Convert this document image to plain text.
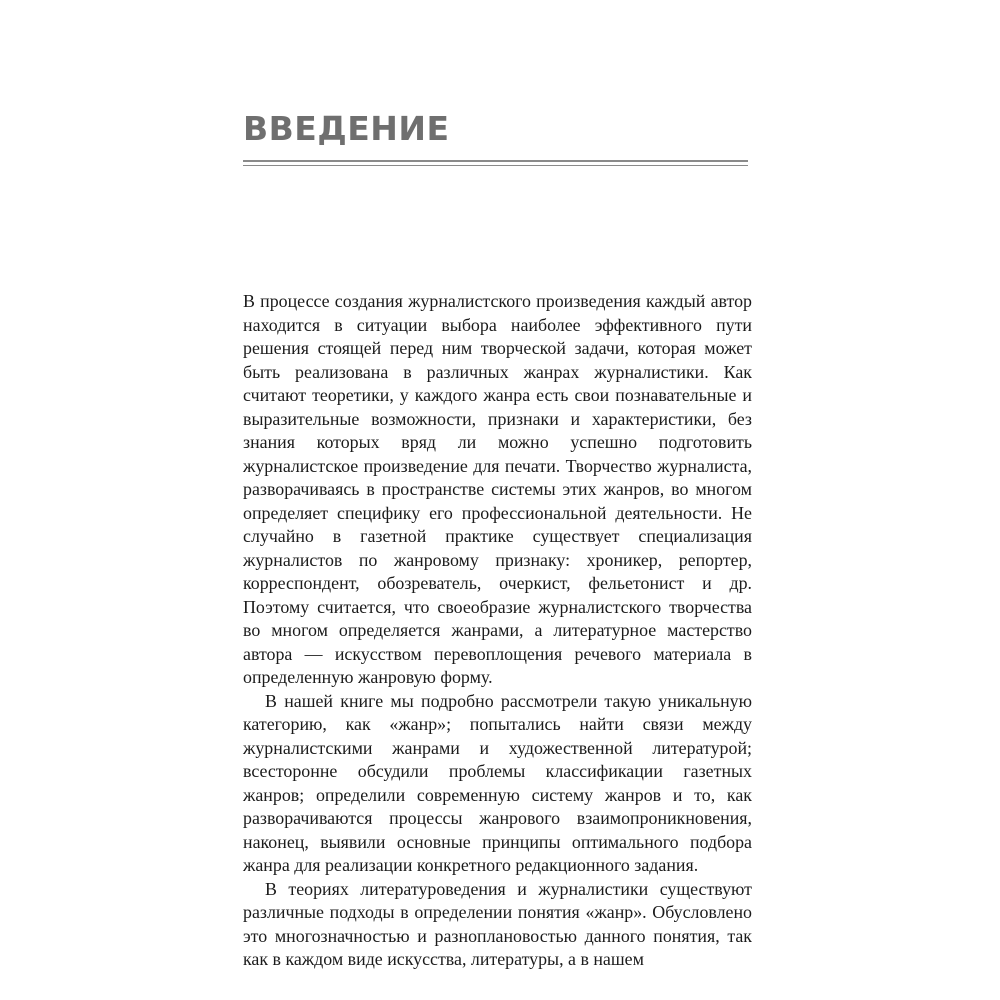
ВВЕДЕНИЕ

В процессе создания журналистского произведения каждый автор находится в ситуации выбора наиболее эффективного пути решения стоящей перед ним творческой задачи, которая может быть реализована в различных жанрах журналистики. Как считают теоретики, у каждого жанра есть свои познавательные и выразительные возможности, признаки и характеристики, без знания которых вряд ли можно успешно подготовить журналистское произведение для печати. Творчество журналиста, разворачиваясь в пространстве системы этих жанров, во многом определяет специфику его профессиональной деятельности. Не случайно в газетной практике существует специализация журналистов по жанровому признаку: хроникер, репортер, корреспондент, обозреватель, очеркист, фельетонист и др. Поэтому считается, что своеобразие журналистского творчества во многом определяется жанрами, а литературное мастерство автора — искусством перевоплощения речевого материала в определенную жанровую форму.

В нашей книге мы подробно рассмотрели такую уникальную категорию, как «жанр»; попытались найти связи между журналистскими жанрами и художественной литературой; всесторонне обсудили проблемы классификации газетных жанров; определили современную систему жанров и то, как разворачиваются процессы жанрового взаимопроникновения, наконец, выявили основные принципы оптимального подбора жанра для реализации конкретного редакционного задания.

В теориях литературоведения и журналистики существуют различные подходы в определении понятия «жанр». Обусловлено это многозначностью и разноплановостью данного понятия, так как в каждом виде искусства, литературы, а в нашем
